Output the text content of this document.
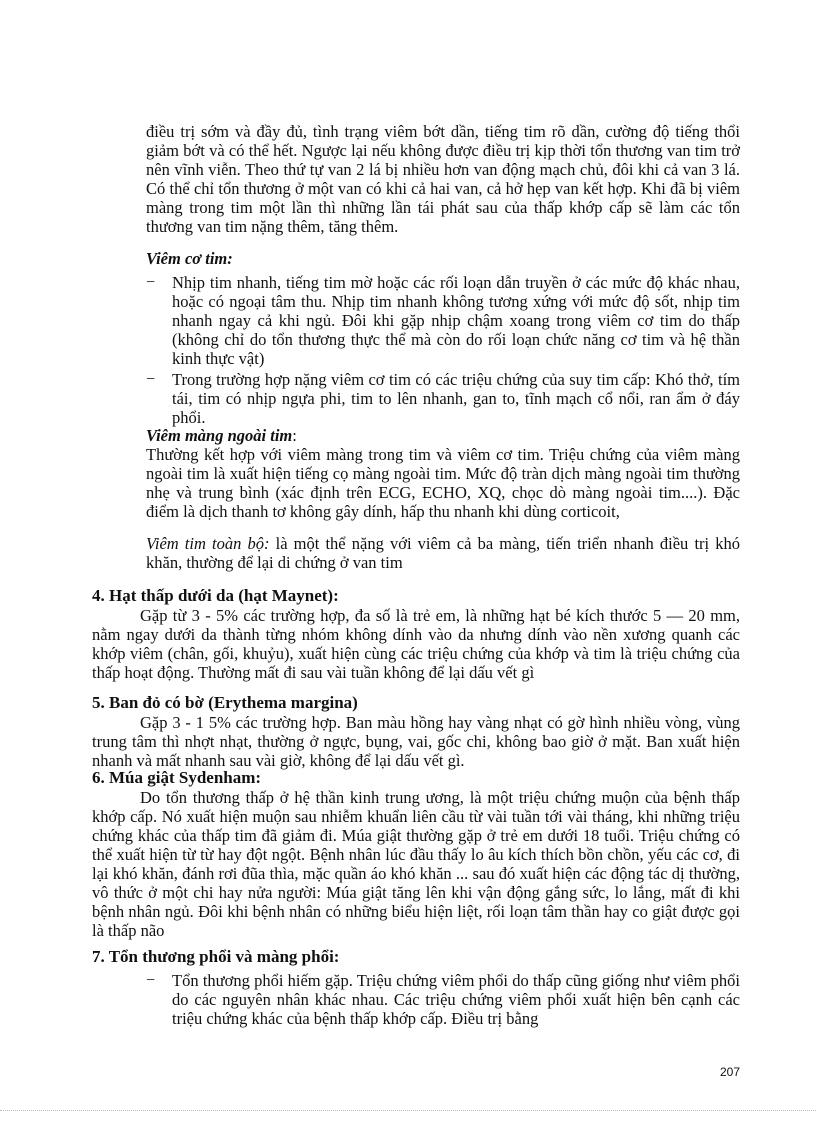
điều trị sớm và đầy đủ, tình trạng viêm bớt dần, tiếng tim rõ dần, cường độ tiếng thổi giảm bớt và có thể hết. Ngược lại nếu không được điều trị kịp thời tổn thương van tim trở nên vĩnh viễn. Theo thứ tự van 2 lá bị nhiều hơn van động mạch chủ, đôi khi cả van 3 lá. Có thể chỉ tổn thương ở một van có khi cả hai van, cả hở hẹp van kết hợp. Khi đã bị viêm màng trong tim một lần thì những lần tái phát sau của thấp khớp cấp sẽ làm các tổn thương van tim nặng thêm, tăng thêm.
Viêm cơ tim:
−	Nhịp tim nhanh, tiếng tim mờ hoặc các rối loạn dẫn truyền ở các mức độ khác nhau, hoặc có ngoại tâm thu. Nhịp tim nhanh không tương xứng với mức độ sốt, nhịp tim nhanh ngay cả khi ngủ. Đôi khi gặp nhịp chậm xoang trong viêm cơ tim do thấp (không chỉ do tổn thương thực thể mà còn do rối loạn chức năng cơ tim và hệ thần kinh thực vật)
−	Trong trường hợp nặng viêm cơ tim có các triệu chứng của suy tim cấp: Khó thở, tím tái, tim có nhịp ngựa phi, tim to lên nhanh, gan to, tĩnh mạch cổ nổi, ran ẩm ở đáy phổi.
Viêm màng ngoài tim:
Thường kết hợp với viêm màng trong tim và viêm cơ tim. Triệu chứng của viêm màng ngoài tim là xuất hiện tiếng cọ màng ngoài tim. Mức độ tràn dịch màng ngoài tim thường nhẹ và trung bình (xác định trên ECG, ECHO, XQ, chọc dò màng ngoài tim....). Đặc điểm là dịch thanh tơ không gây dính, hấp thu nhanh khi dùng corticoit,
Viêm tim toàn bộ: là một thể nặng với viêm cả ba màng, tiến triển nhanh điều trị khó khăn, thường để lại di chứng ở van tim
4. Hạt thấp dưới da (hạt Maynet):
Gặp từ 3 - 5% các trường hợp, đa số là trẻ em, là những hạt bé kích thước 5 — 20 mm, nằm ngay dưới da thành từng nhóm không dính vào da nhưng dính vào nền xương quanh các khớp viêm (chân, gối, khuỷu), xuất hiện cùng các triệu chứng của khớp và tim là triệu chứng của thấp hoạt động. Thường mất đi sau vài tuần không để lại dấu vết gì
5. Ban đỏ có bờ (Erythema margina)
Gặp 3 - 1 5% các trường hợp. Ban màu hồng hay vàng nhạt có gờ hình nhiều vòng, vùng trung tâm thì nhợt nhạt, thường ở ngực, bụng, vai, gốc chi, không bao giờ ở mặt. Ban xuất hiện nhanh và mất nhanh sau vài giờ, không để lại dấu vết gì.
6. Múa giật Sydenham:
Do tổn thương thấp ở hệ thần kinh trung ương, là một triệu chứng muộn của bệnh thấp khớp cấp. Nó xuất hiện muộn sau nhiễm khuẩn liên cầu từ vài tuần tới vài tháng, khi những triệu chứng khác của thấp tim đã giảm đi. Múa giật thường gặp ở trẻ em dưới 18 tuổi. Triệu chứng có thể xuất hiện từ từ hay đột ngột. Bệnh nhân lúc đầu thấy lo âu kích thích bồn chồn, yếu các cơ, đi lại khó khăn, đánh rơi đũa thìa, mặc quần áo khó khăn ... sau đó xuất hiện các động tác dị thường, vô thức ở một chi hay nửa người: Múa giật tăng lên khi vận động gắng sức, lo lắng, mất đi khi bệnh nhân ngủ. Đôi khi bệnh nhân có những biểu hiện liệt, rối loạn tâm thần hay co giật được gọi là thấp não
7. Tổn thương phổi và màng phổi:
−	Tổn thương phổi hiếm gặp. Triệu chứng viêm phổi do thấp cũng giống như viêm phổi do các nguyên nhân khác nhau. Các triệu chứng viêm phổi xuất hiện bên cạnh các triệu chứng khác của bệnh thấp khớp cấp. Điều trị bằng
207
